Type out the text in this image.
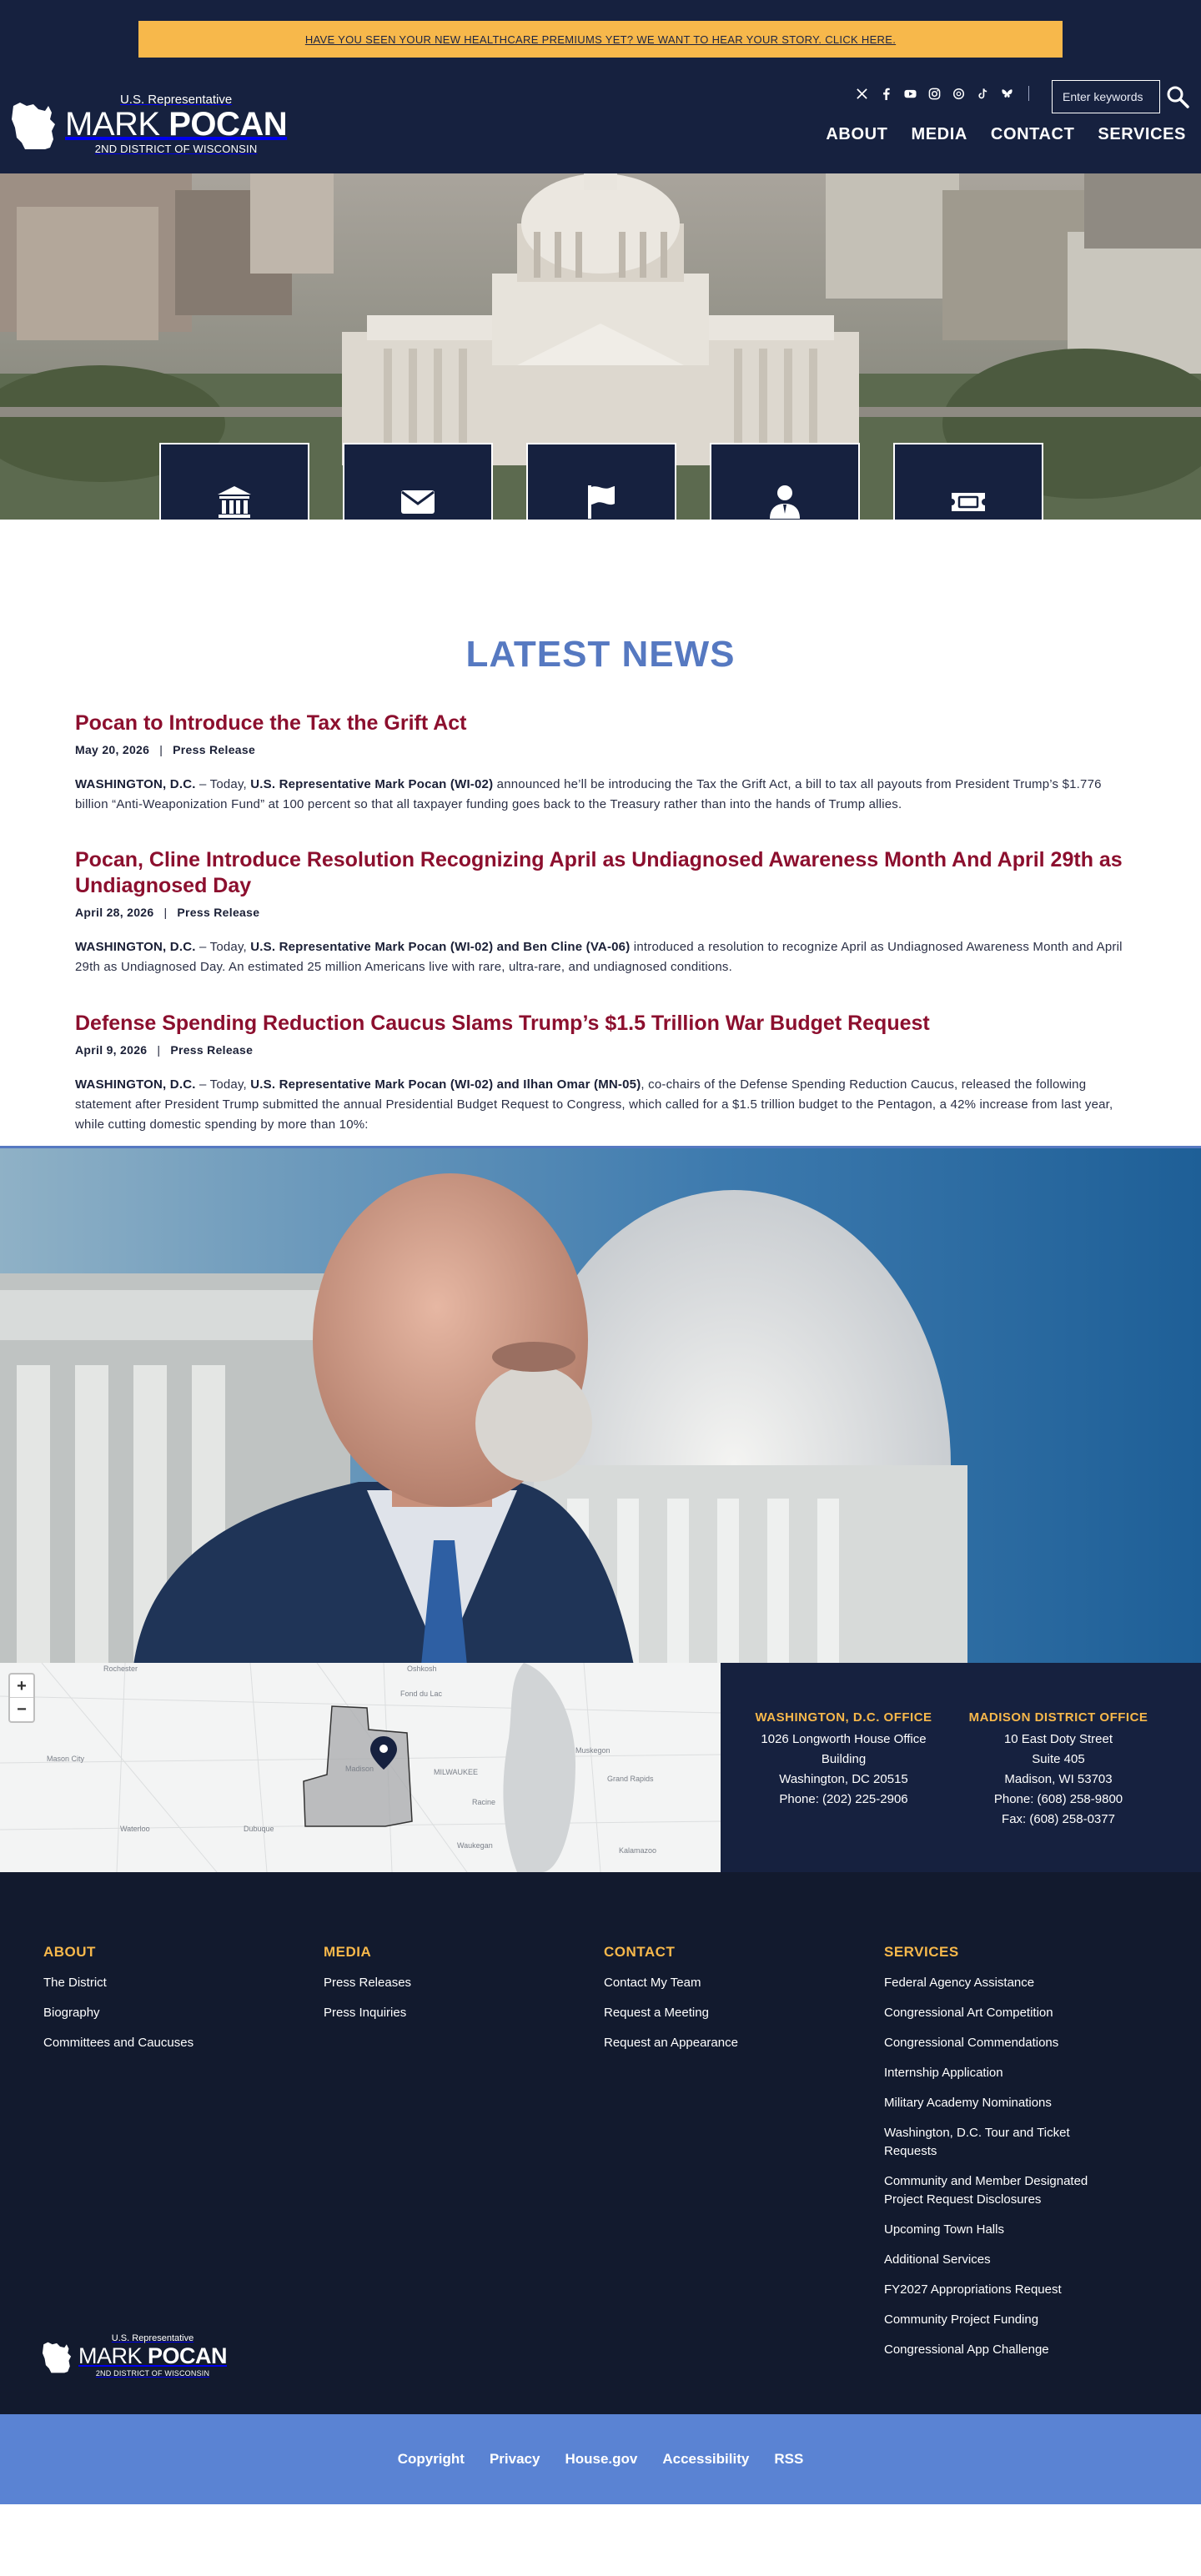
HAVE YOU SEEN YOUR NEW HEALTHCARE PREMIUMS YET? WE WANT TO HEAR YOUR STORY. CLICK HERE.
U.S. Representative
MARK POCAN
2ND DISTRICT OF WISCONSIN
Enter keywords
ABOUT MEDIA CONTACT SERVICES
LATEST NEWS
Pocan to Introduce the Tax the Grift Act
May 20, 2026 | Press Release

WASHINGTON, D.C. – Today, U.S. Representative Mark Pocan (WI-02) announced he’ll be introducing the Tax the Grift Act, a bill to tax all payouts from President Trump’s $1.776 billion “Anti-Weaponization Fund” at 100 percent so that all taxpayer funding goes back to the Treasury rather than into the hands of Trump allies.

Pocan, Cline Introduce Resolution Recognizing April as Undiagnosed Awareness Month And April 29th as Undiagnosed Day
April 28, 2026 | Press Release

WASHINGTON, D.C. – Today, U.S. Representative Mark Pocan (WI-02) and Ben Cline (VA-06) introduced a resolution to recognize April as Undiagnosed Awareness Month and April 29th as Undiagnosed Day. An estimated 25 million Americans live with rare, ultra-rare, and undiagnosed conditions.

Defense Spending Reduction Caucus Slams Trump’s $1.5 Trillion War Budget Request
April 9, 2026 | Press Release

WASHINGTON, D.C. – Today, U.S. Representative Mark Pocan (WI-02) and Ilhan Omar (MN-05), co-chairs of the Defense Spending Reduction Caucus, released the following statement after President Trump submitted the annual Presidential Budget Request to Congress, which called for a $1.5 trillion budget to the Pentagon, a 42% increase from last year, while cutting domestic spending by more than 10%:

Rochester	Oshkosh
Fond du Lac
Mason City
Madison	MILWAUKEE
Muskegon
Grand Rapids
Racine
Waterloo	Dubuque
Waukegan
Kalamazoo
+
−	WASHINGTON, D.C. OFFICE
1026 Longworth House Office
Building
Washington, DC 20515
Phone: (202) 225-2906
MADISON DISTRICT OFFICE
10 East Doty Street
Suite 405
Madison, WI 53703
Phone: (608) 258-9800
Fax: (608) 258-0377
ABOUT
The District
Biography
Committees and Caucuses
MEDIA
Press Releases
Press Inquiries
CONTACT
Contact My Team
Request a Meeting
Request an Appearance
SERVICES
Federal Agency Assistance
Congressional Art Competition
Congressional Commendations
Internship Application
Military Academy Nominations
Washington, D.C. Tour and Ticket Requests
Community and Member Designated Project Request Disclosures
Upcoming Town Halls
Additional Services
FY2027 Appropriations Request
Community Project Funding
Congressional App Challenge
U.S. Representative
MARK POCAN
2ND DISTRICT OF WISCONSIN
Copyright Privacy House.gov Accessibility RSS
